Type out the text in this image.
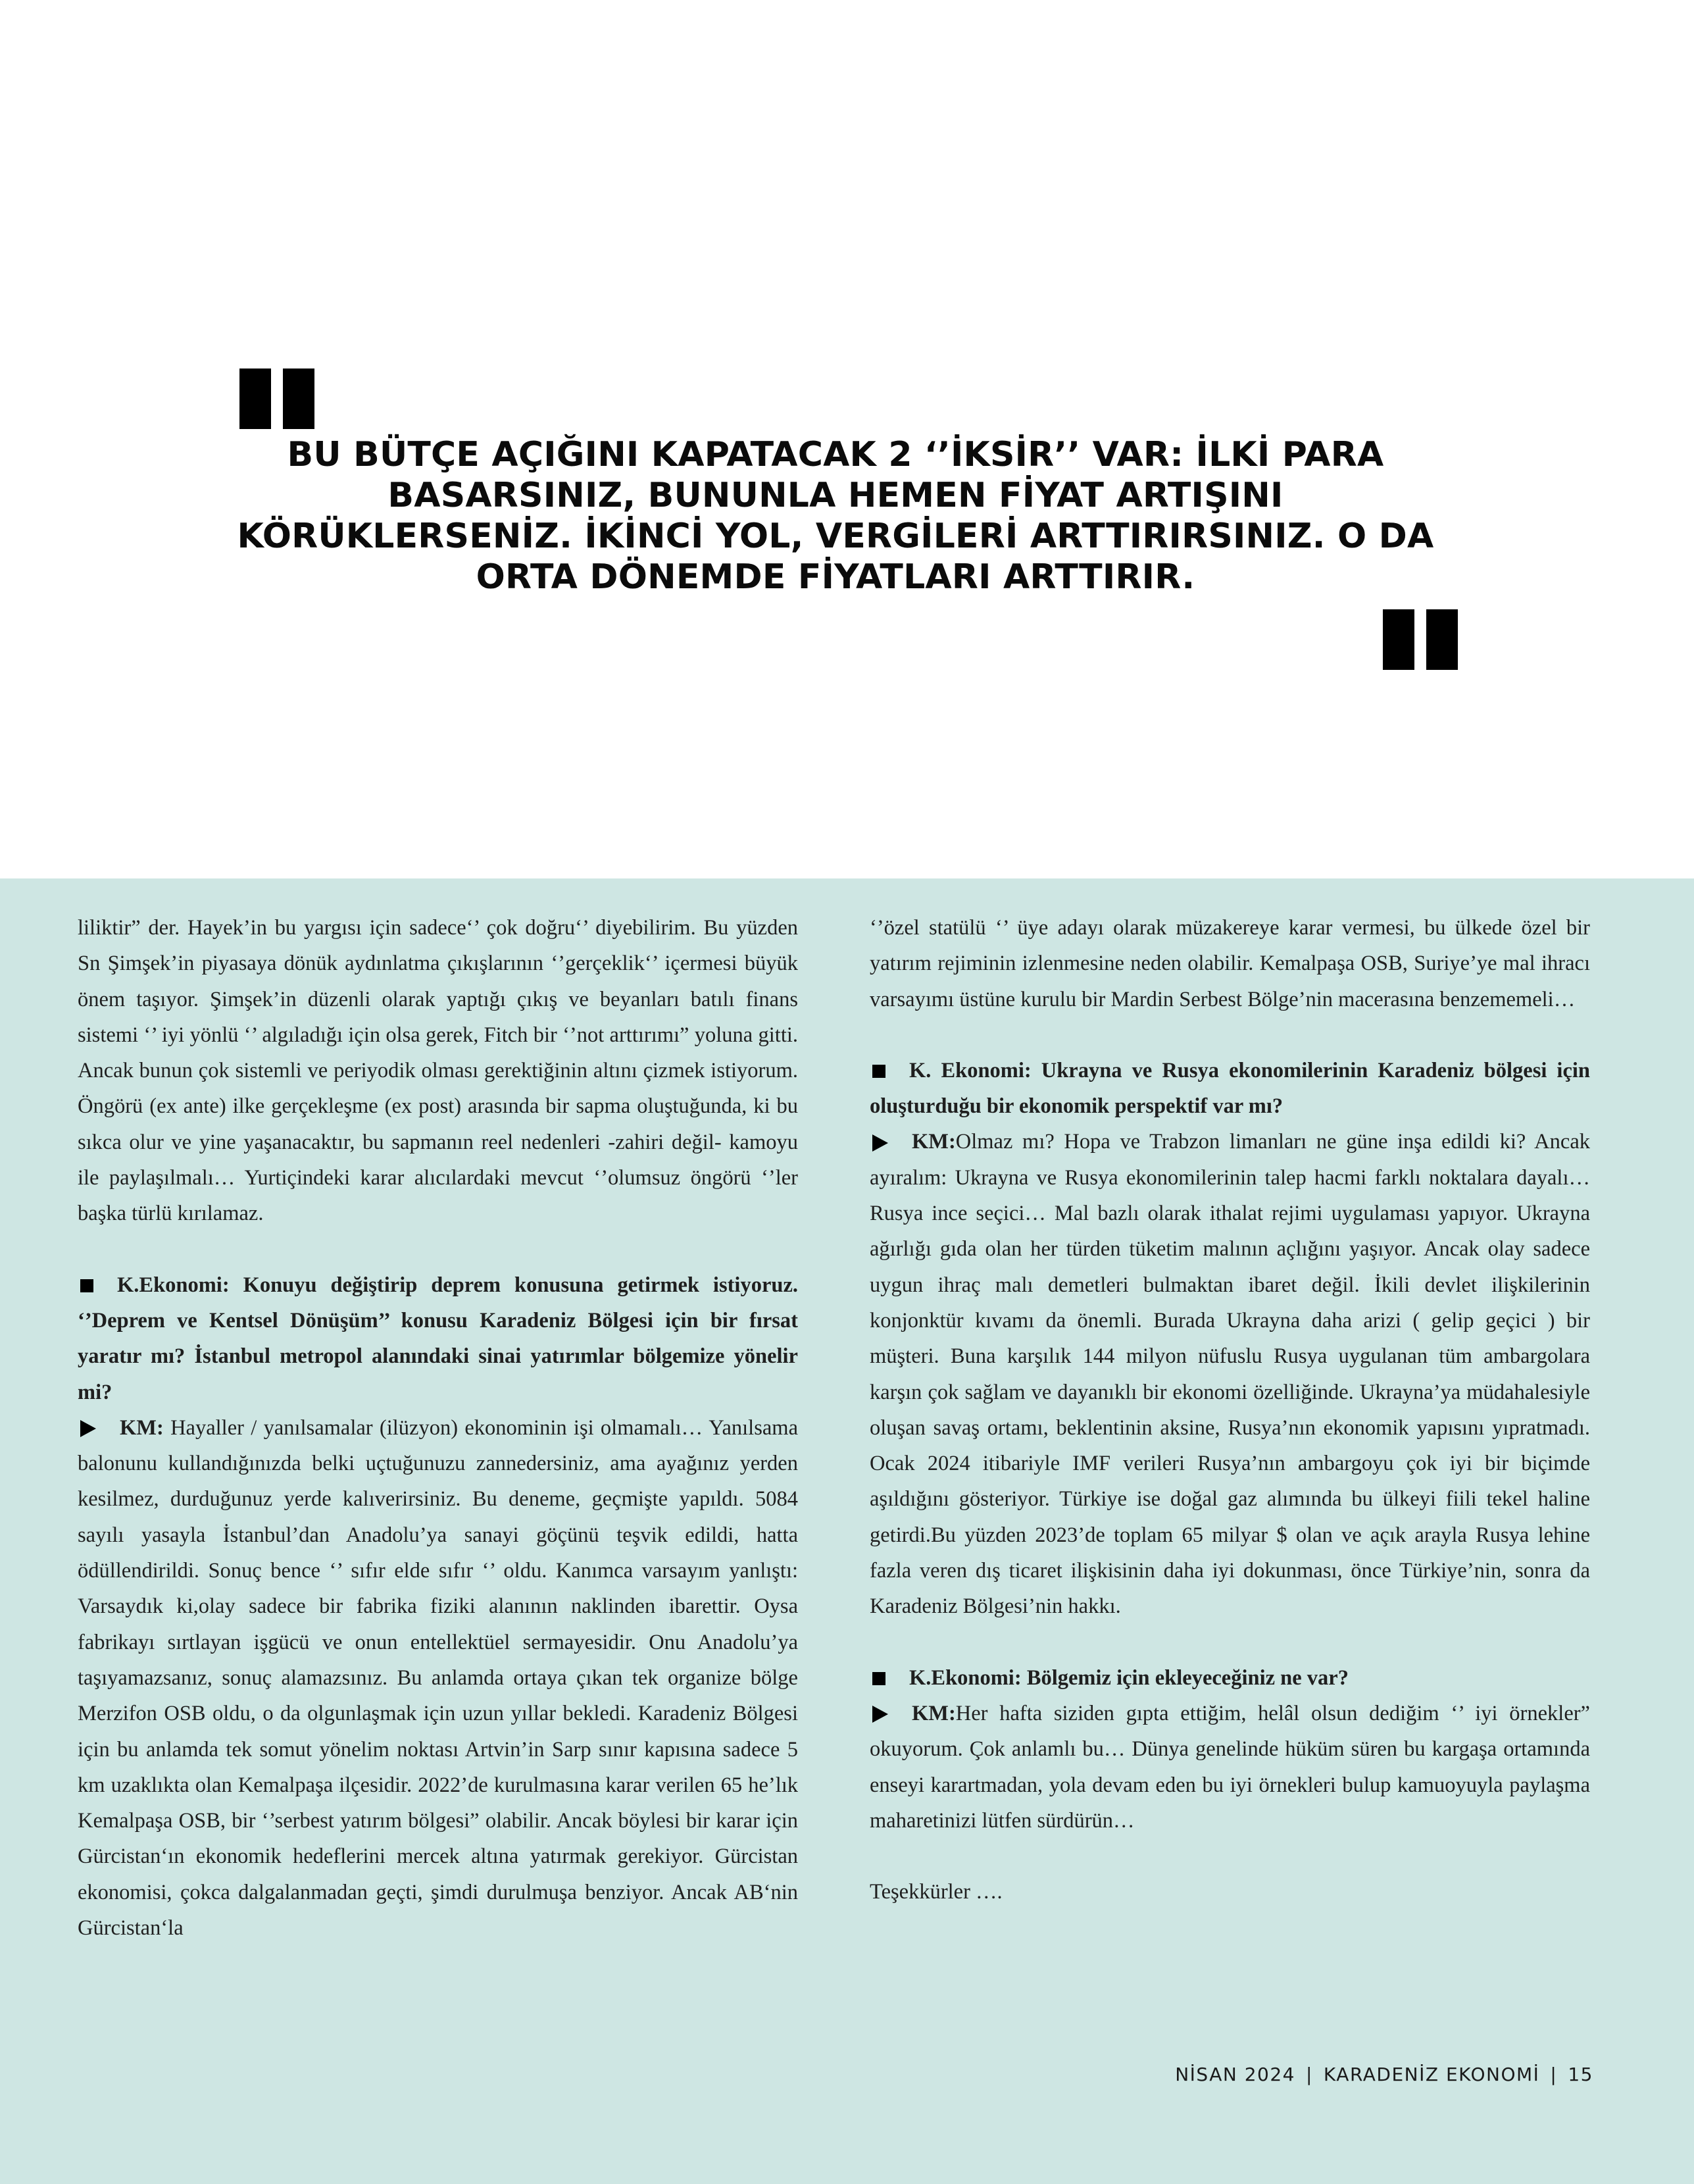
BU BÜTÇE AÇIĞINI KAPATACAK 2 ‘’İKSİR’’ VAR: İLKİ PARA BASARSINIZ, BUNUNLA HEMEN FİYAT ARTIŞINI KÖRÜKLERSENİZ. İKİNCİ YOL, VERGİLERİ ARTTIRIRSINIZ. O DA ORTA DÖNEMDE FİYATLARI ARTTIRIR.

liliktir” der. Hayek’in bu yargısı için sadece‘’ çok doğru‘’ diyebilirim. Bu yüzden Sn Şimşek’in piyasaya dönük aydınlatma çıkışlarının ‘’gerçeklik‘’ içermesi büyük önem taşıyor. Şimşek’in düzenli olarak yaptığı çıkış ve beyanları batılı finans sistemi ‘’ iyi yönlü ‘’ algıladığı için olsa gerek, Fitch bir ‘’not arttırımı” yoluna gitti. Ancak bunun çok sistemli ve periyodik olması gerektiğinin altını çizmek istiyorum. Öngörü (ex ante) ilke gerçekleşme (ex post) arasında bir sapma oluştuğunda, ki bu sıkca olur ve yine yaşanacaktır, bu sapmanın reel nedenleri -zahiri değil- kamoyu ile paylaşılmalı… Yurtiçindeki karar alıcılardaki mevcut ‘’olumsuz öngörü ‘’ler başka türlü kırılamaz.

K.Ekonomi: Konuyu değiştirip deprem konusuna getirmek istiyoruz. ‘’Deprem ve Kentsel Dönüşüm’’ konusu Karadeniz Bölgesi için bir fırsat yaratır mı? İstanbul metropol alanındaki sinai yatırımlar bölgemize yönelir mi?

KM: Hayaller / yanılsamalar (ilüzyon) ekonominin işi olmamalı… Yanılsama balonunu kullandığınızda belki uçtuğunuzu zannedersiniz, ama ayağınız yerden kesilmez, durduğunuz yerde kalıverirsiniz. Bu deneme, geçmişte yapıldı. 5084 sayılı yasayla İstanbul’dan Anadolu’ya sanayi göçünü teşvik edildi, hatta ödüllendirildi. Sonuç bence ‘’ sıfır elde sıfır ‘’ oldu. Kanımca varsayım yanlıştı: Varsaydık ki,olay sadece bir fabrika fiziki alanının naklinden ibarettir. Oysa fabrikayı sırtlayan işgücü ve onun entellektüel sermayesidir. Onu Anadolu’ya taşıyamazsanız, sonuç alamazsınız. Bu anlamda ortaya çıkan tek organize bölge Merzifon OSB oldu, o da olgunlaşmak için uzun yıllar bekledi. Karadeniz Bölgesi için bu anlamda tek somut yönelim noktası Artvin’in Sarp sınır kapısına sadece 5 km uzaklıkta olan Kemalpaşa ilçesidir. 2022’de kurulmasına karar verilen 65 he’lık Kemalpaşa OSB, bir ‘’serbest yatırım bölgesi” olabilir. Ancak böylesi bir karar için Gürcistan‘ın ekonomik hedeflerini mercek altına yatırmak gerekiyor. Gürcistan ekonomisi, çokca dalgalanmadan geçti, şimdi durulmuşa benziyor. Ancak AB‘nin Gürcistan‘la

‘’özel statülü ‘’ üye adayı olarak müzakereye karar vermesi, bu ülkede özel bir yatırım rejiminin izlenmesine neden olabilir. Kemalpaşa OSB, Suriye’ye mal ihracı varsayımı üstüne kurulu bir Mardin Serbest Bölge’nin macerasına benzememeli…

K. Ekonomi: Ukrayna ve Rusya ekonomilerinin Karadeniz bölgesi için oluşturduğu bir ekonomik perspektif var mı?

KM:Olmaz mı? Hopa ve Trabzon limanları ne güne inşa edildi ki? Ancak ayıralım: Ukrayna ve Rusya ekonomilerinin talep hacmi farklı noktalara dayalı… Rusya ince seçici… Mal bazlı olarak ithalat rejimi uygulaması yapıyor. Ukrayna ağırlığı gıda olan her türden tüketim malının açlığını yaşıyor. Ancak olay sadece uygun ihraç malı demetleri bulmaktan ibaret değil. İkili devlet ilişkilerinin konjonktür kıvamı da önemli. Burada Ukrayna daha arizi ( gelip geçici ) bir müşteri. Buna karşılık 144 milyon nüfuslu Rusya uygulanan tüm ambargolara karşın çok sağlam ve dayanıklı bir ekonomi özelliğinde. Ukrayna’ya müdahalesiyle oluşan savaş ortamı, beklentinin aksine, Rusya’nın ekonomik yapısını yıpratmadı. Ocak 2024 itibariyle IMF verileri Rusya’nın ambargoyu çok iyi bir biçimde aşıldığını gösteriyor. Türkiye ise doğal gaz alımında bu ülkeyi fiili tekel haline getirdi.Bu yüzden 2023’de toplam 65 milyar $ olan ve açık arayla Rusya lehine fazla veren dış ticaret ilişkisinin daha iyi dokunması, önce Türkiye’nin, sonra da Karadeniz Bölgesi’nin hakkı.

K.Ekonomi: Bölgemiz için ekleyeceğiniz ne var?

KM:Her hafta siziden gıpta ettiğim, helâl olsun dediğim ‘’ iyi örnekler” okuyorum. Çok anlamlı bu… Dünya genelinde hüküm süren bu kargaşa ortamında enseyi karartmadan, yola devam eden bu iyi örnekleri bulup kamuoyuyla paylaşma maharetinizi lütfen sürdürün…

Teşekkürler ….

NİSAN 2024 | KARADENİZ EKONOMİ | 15
